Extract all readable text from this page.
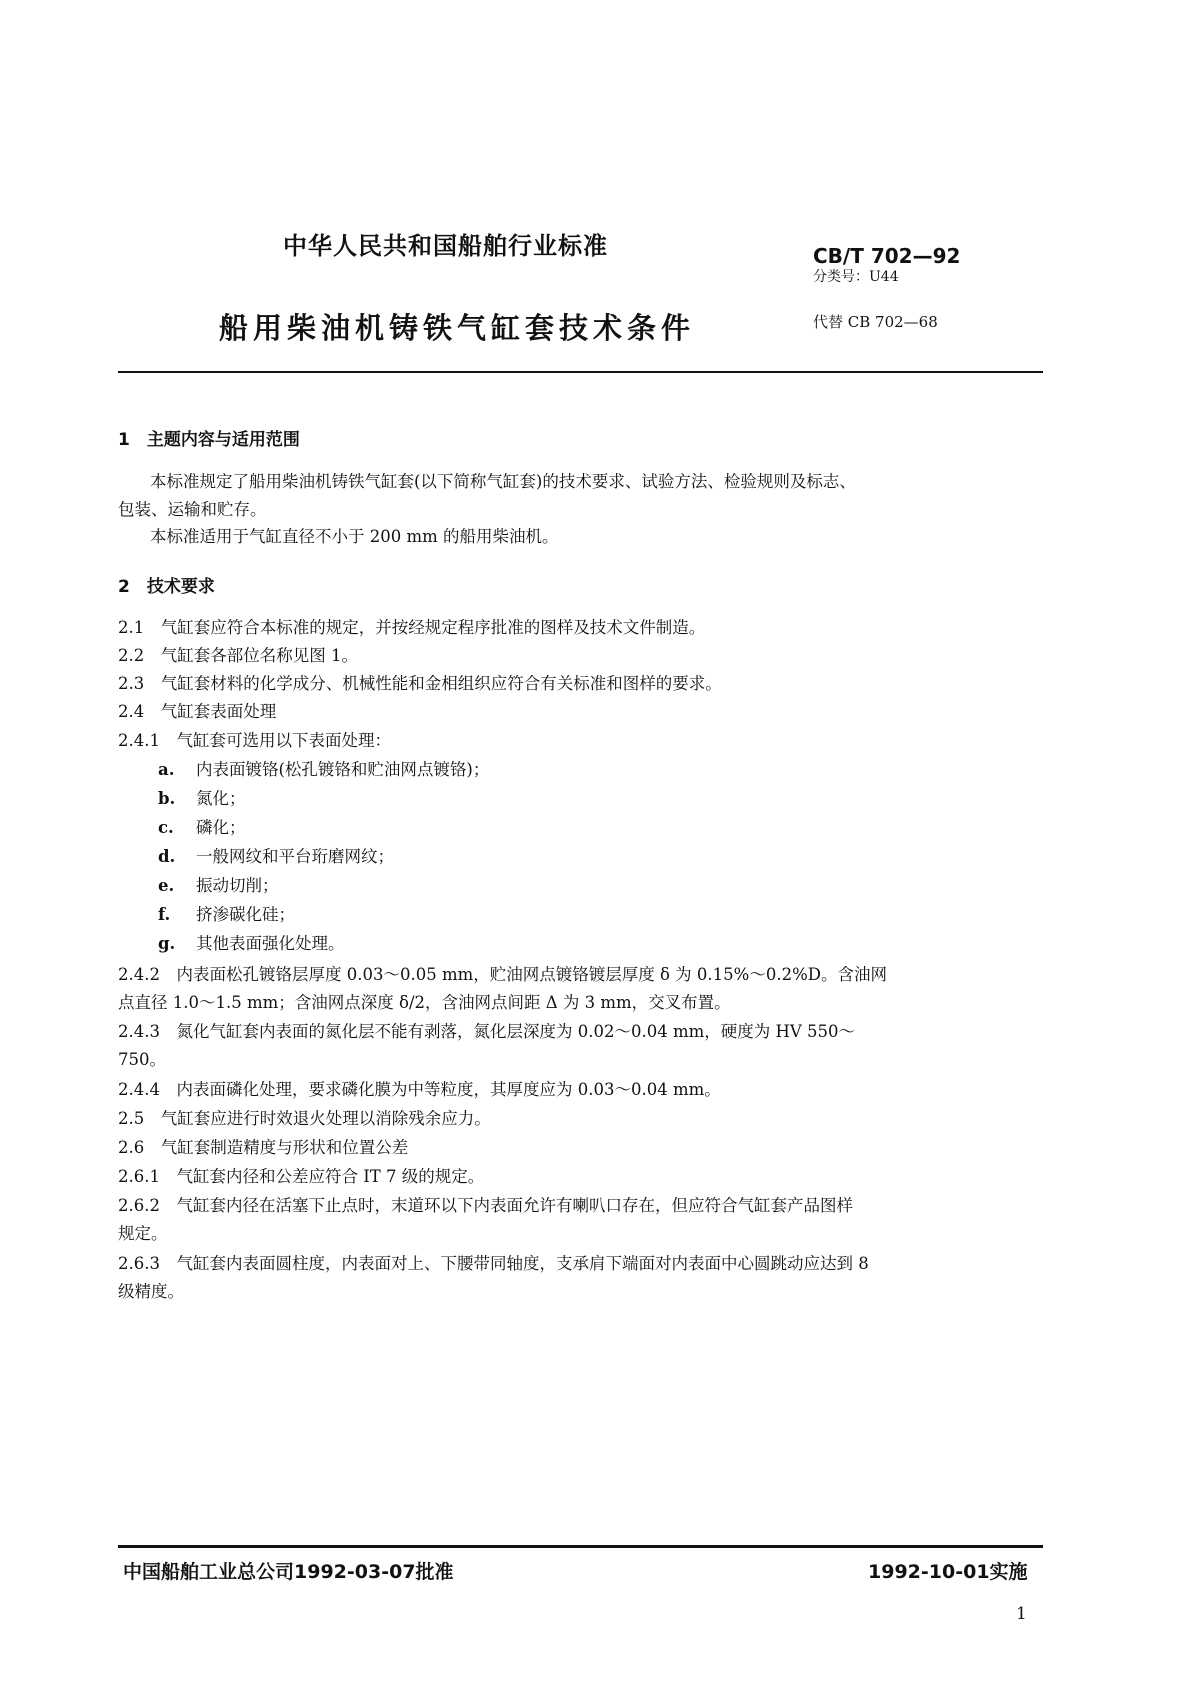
中华人民共和国船舶行业标准	CB/T 702—92
分类号：U44
船用柴油机铸铁气缸套技术条件	代替 CB 702—68
1　主题内容与适用范围
本标准规定了船用柴油机铸铁气缸套(以下简称气缸套)的技术要求、试验方法、检验规则及标志、
包装、运输和贮存。
本标准适用于气缸直径不小于 200 mm 的船用柴油机。
2　技术要求
2.1　气缸套应符合本标准的规定，并按经规定程序批准的图样及技术文件制造。
2.2　气缸套各部位名称见图 1。
2.3　气缸套材料的化学成分、机械性能和金相组织应符合有关标准和图样的要求。
2.4　气缸套表面处理
2.4.1　气缸套可选用以下表面处理：
a. 内表面镀铬(松孔镀铬和贮油网点镀铬)；
b. 氮化；
c. 磷化；
d. 一般网纹和平台珩磨网纹；
e. 振动切削；
f. 挤渗碳化硅；
g. 其他表面强化处理。
2.4.2　内表面松孔镀铬层厚度 0.03～0.05 mm，贮油网点镀铬镀层厚度 δ 为 0.15%～0.2%D。含油网
点直径 1.0～1.5 mm；含油网点深度 δ/2，含油网点间距 Δ 为 3 mm，交叉布置。
2.4.3　氮化气缸套内表面的氮化层不能有剥落，氮化层深度为 0.02～0.04 mm，硬度为 HV 550～
750。
2.4.4　内表面磷化处理，要求磷化膜为中等粒度，其厚度应为 0.03～0.04 mm。
2.5　气缸套应进行时效退火处理以消除残余应力。
2.6　气缸套制造精度与形状和位置公差
2.6.1　气缸套内径和公差应符合 IT 7 级的规定。
2.6.2　气缸套内径在活塞下止点时，末道环以下内表面允许有喇叭口存在，但应符合气缸套产品图样
规定。
2.6.3　气缸套内表面圆柱度，内表面对上、下腰带同轴度，支承肩下端面对内表面中心圆跳动应达到 8
级精度。
中国船舶工业总公司1992-03-07批准	1992-10-01实施
1
